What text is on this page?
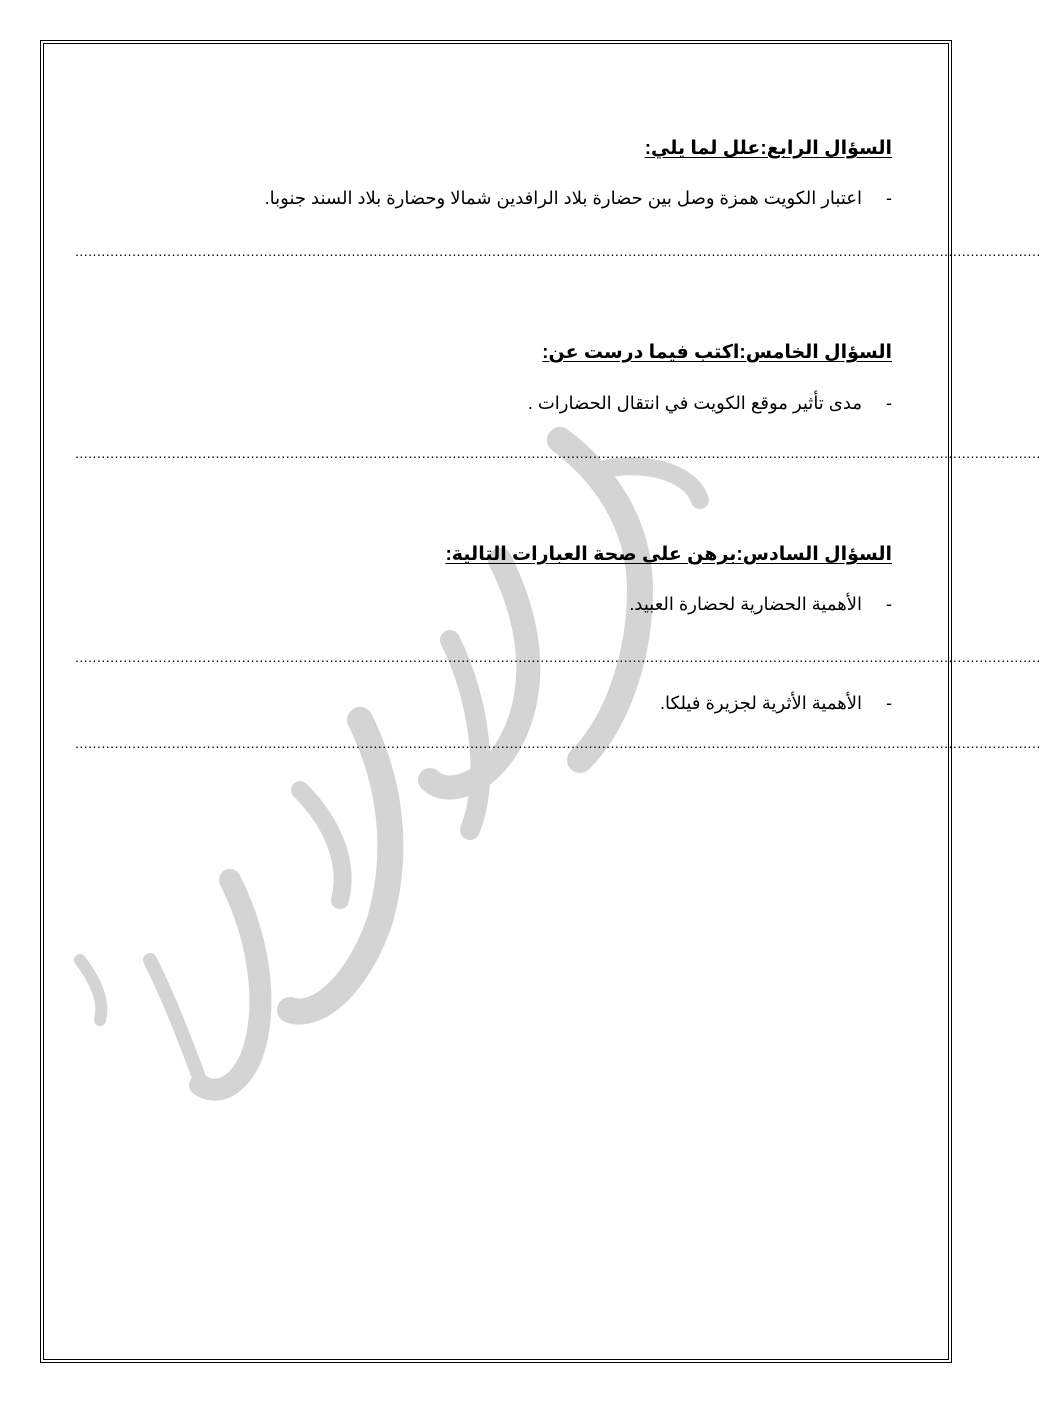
السؤال الرابع:علل لما يلي:
-اعتبار الكويت همزة وصل بين حضارة بلاد الرافدين شمالا وحضارة بلاد السند جنوبا.
............................................................................................................................................................................................................................
السؤال الخامس:اكتب فيما درست عن:
-مدى تأثير موقع الكويت في انتقال الحضارات .
............................................................................................................................................................................................................................
السؤال السادس:برهن على صحة العبارات التالية:
-الأهمية الحضارية لحضارة العبيد.
............................................................................................................................................................................................................................
-الأهمية الأثرية لجزيرة فيلكا.
............................................................................................................................................................................................................................
